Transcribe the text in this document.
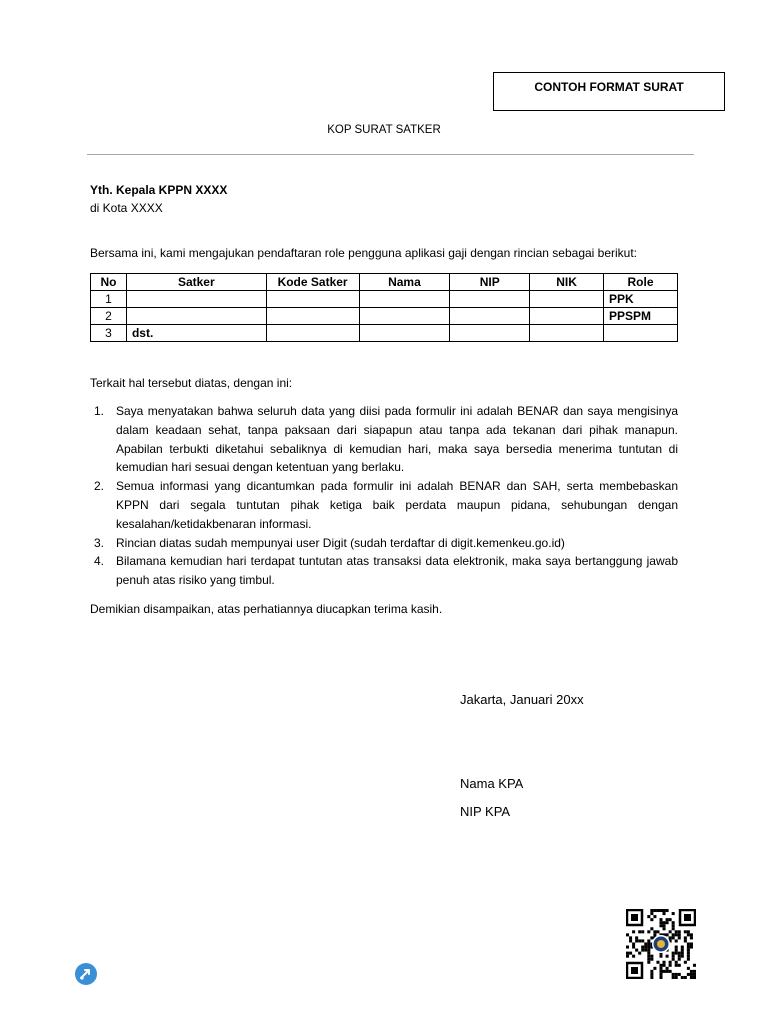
CONTOH FORMAT SURAT
KOP SURAT SATKER
Yth. Kepala KPPN XXXX
di Kota XXXX
Bersama ini, kami mengajukan pendaftaran role pengguna aplikasi gaji dengan rincian sebagai berikut:
No	Satker	Kode Satker	Nama	NIP	NIK	Role
1						PPK
2						PPSPM
3	dst.					
Terkait hal tersebut diatas, dengan ini:
1. Saya menyatakan bahwa seluruh data yang diisi pada formulir ini adalah BENAR dan saya mengisinya dalam keadaan sehat, tanpa paksaan dari siapapun atau tanpa ada tekanan dari pihak manapun. Apabilan terbukti diketahui sebaliknya di kemudian hari, maka saya bersedia menerima tuntutan di kemudian hari sesuai dengan ketentuan yang berlaku.
2. Semua informasi yang dicantumkan pada formulir ini adalah BENAR dan SAH, serta membebaskan KPPN dari segala tuntutan pihak ketiga baik perdata maupun pidana, sehubungan dengan kesalahan/ketidakbenaran informasi.
3. Rincian diatas sudah mempunyai user Digit (sudah terdaftar di digit.kemenkeu.go.id)
4. Bilamana kemudian hari terdapat tuntutan atas transaksi data elektronik, maka saya bertanggung jawab penuh atas risiko yang timbul.
Demikian disampaikan, atas perhatiannya diucapkan terima kasih.
Jakarta, Januari 20xx
Nama KPA
NIP KPA
